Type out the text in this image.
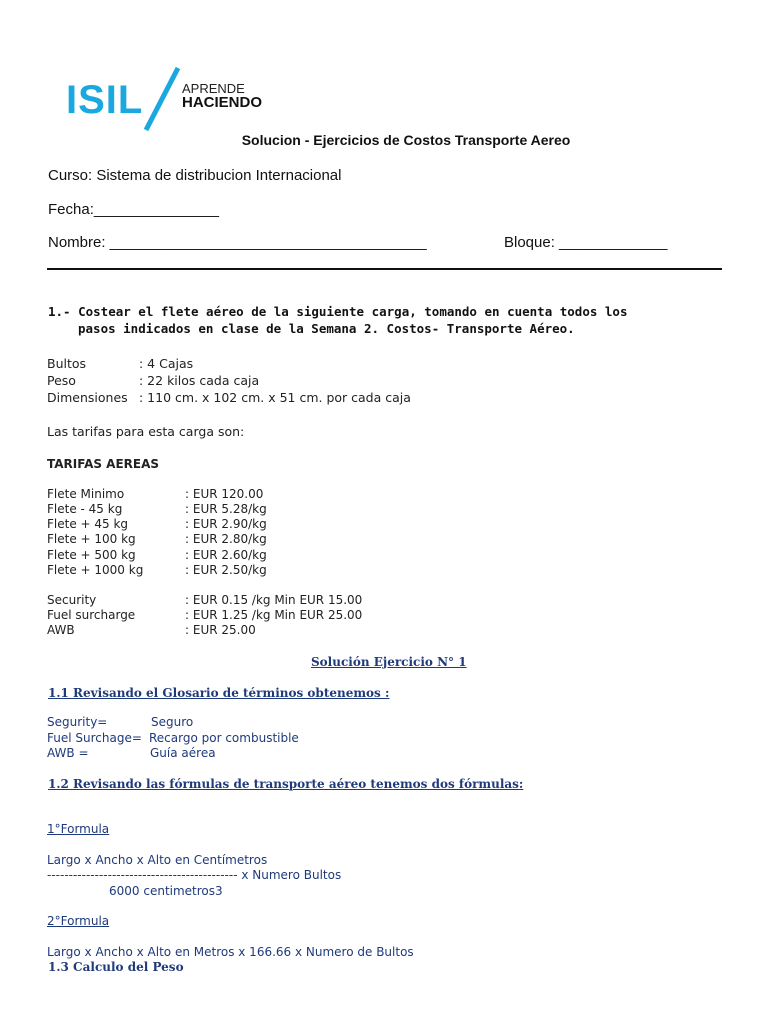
ISIL	APRENDE
HACIENDO
Solucion - Ejercicios de Costos Transporte Aereo
Curso: Sistema de distribucion Internacional
Fecha:_______________
Nombre: ______________________________________	Bloque: _____________
1.- Costear el flete aéreo de la siguiente carga, tomando en cuenta todos los
pasos indicados en clase de la Semana 2. Costos- Transporte Aéreo.
Bultos	: 4 Cajas
Peso	: 22 kilos cada caja
Dimensiones : 110 cm. x 102 cm. x 51 cm. por cada caja
Las tarifas para esta carga son:
TARIFAS AEREAS
Flete Minimo	: EUR 120.00
Flete - 45 kg	: EUR 5.28/kg
Flete + 45 kg	: EUR 2.90/kg
Flete + 100 kg	: EUR 2.80/kg
Flete + 500 kg	: EUR 2.60/kg
Flete + 1000 kg	: EUR 2.50/kg
Security	: EUR 0.15 /kg Min EUR 15.00
Fuel surcharge	: EUR 1.25 /kg Min EUR 25.00
AWB	: EUR 25.00
Solución Ejercicio N° 1
1.1 Revisando el Glosario de términos obtenemos :
Segurity=	Seguro
Fuel Surchage= Recargo por combustible
AWB =	Guía aérea
1.2 Revisando las fórmulas de transporte aéreo tenemos dos fórmulas:
1°Formula
Largo x Ancho x Alto en Centímetros
-------------------------------------------- x Numero Bultos
6000 centimetros3
2°Formula
Largo x Ancho x Alto en Metros x 166.66 x Numero de Bultos
1.3 Calculo del Peso
